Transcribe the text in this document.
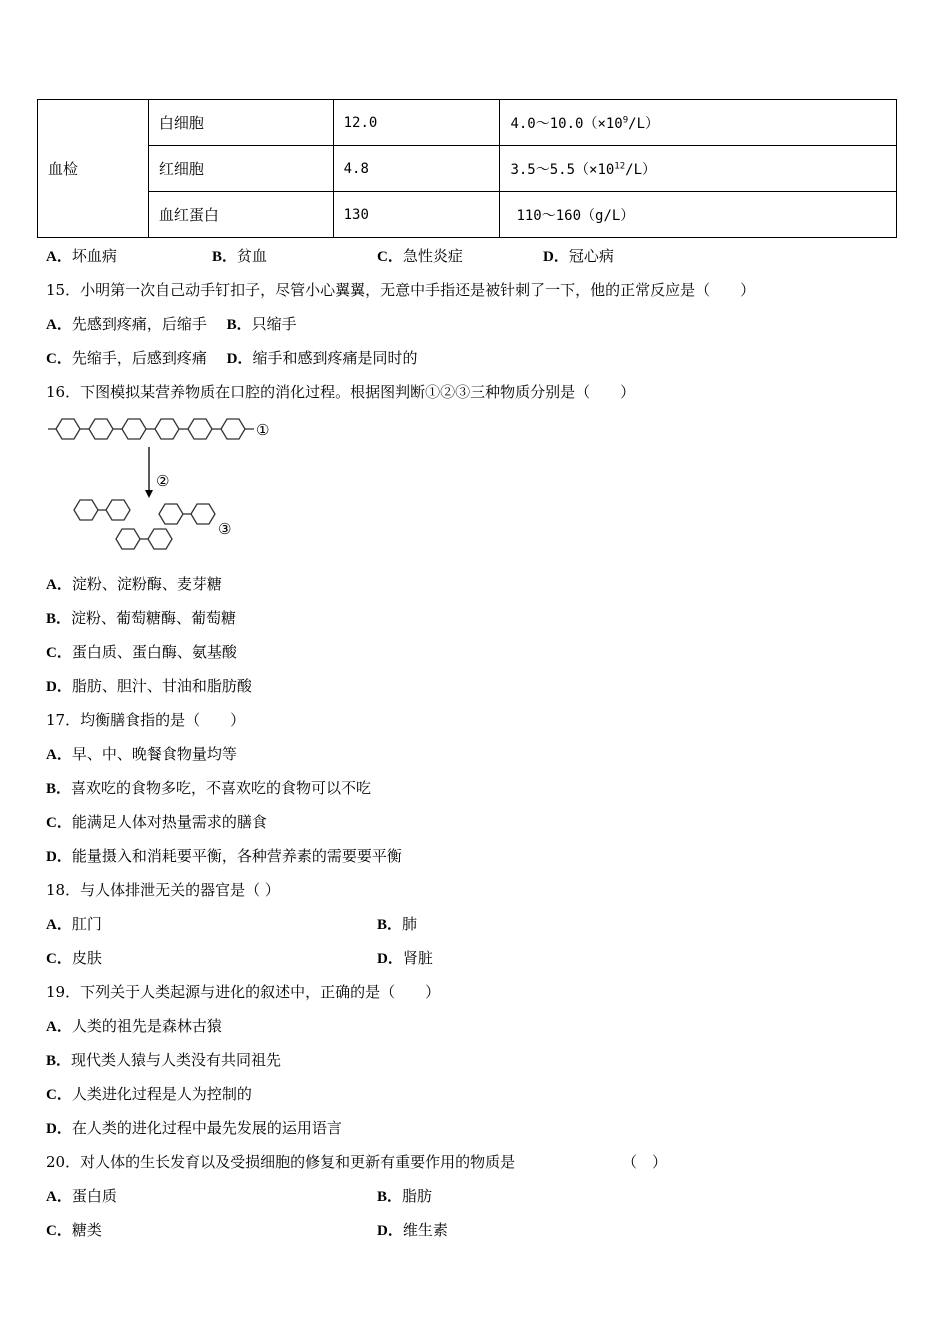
血检	白细胞	12.0	$4.0\sim 10.0(\times 10^9/L)$
	红细胞	4.8	$3.5\sim 5.5(\times 10^{12}/L)$
	血红蛋白	130	110～160（g/L）
A．坏血病	B．贫血	C．急性炎症	D．冠心病
15．小明第一次自己动手钉扣子，尽管小心翼翼，无意中手指还是被针刺了一下，他的正常反应是（　　）
A．先感到疼痛，后缩手　 B．只缩手
C．先缩手，后感到疼痛　 D．缩手和感到疼痛是同时的
16．下图模拟某营养物质在口腔的消化过程。根据图判断①②③三种物质分别是（　　）
①
②
③
A．淀粉、淀粉酶、麦芽糖
B．淀粉、葡萄糖酶、葡萄糖
C．蛋白质、蛋白酶、氨基酸
D．脂肪、胆汁、甘油和脂肪酸
17．均衡膳食指的是（　　）
A．早、中、晚餐食物量均等
B．喜欢吃的食物多吃，不喜欢吃的食物可以不吃
C．能满足人体对热量需求的膳食
D．能量摄入和消耗要平衡，各种营养素的需要要平衡
18．与人体排泄无关的器官是（ ）
A．肛门	B．肺
C．皮肤	D．肾脏
19．下列关于人类起源与进化的叙述中，正确的是（　　）
A．人类的祖先是森林古猿
B．现代类人猿与人类没有共同祖先
C．人类进化过程是人为控制的
D．在人类的进化过程中最先发展的运用语言
20．对人体的生长发育以及受损细胞的修复和更新有重要作用的物质是	（　）
A．蛋白质	B．脂肪
C．糖类	D．维生素
